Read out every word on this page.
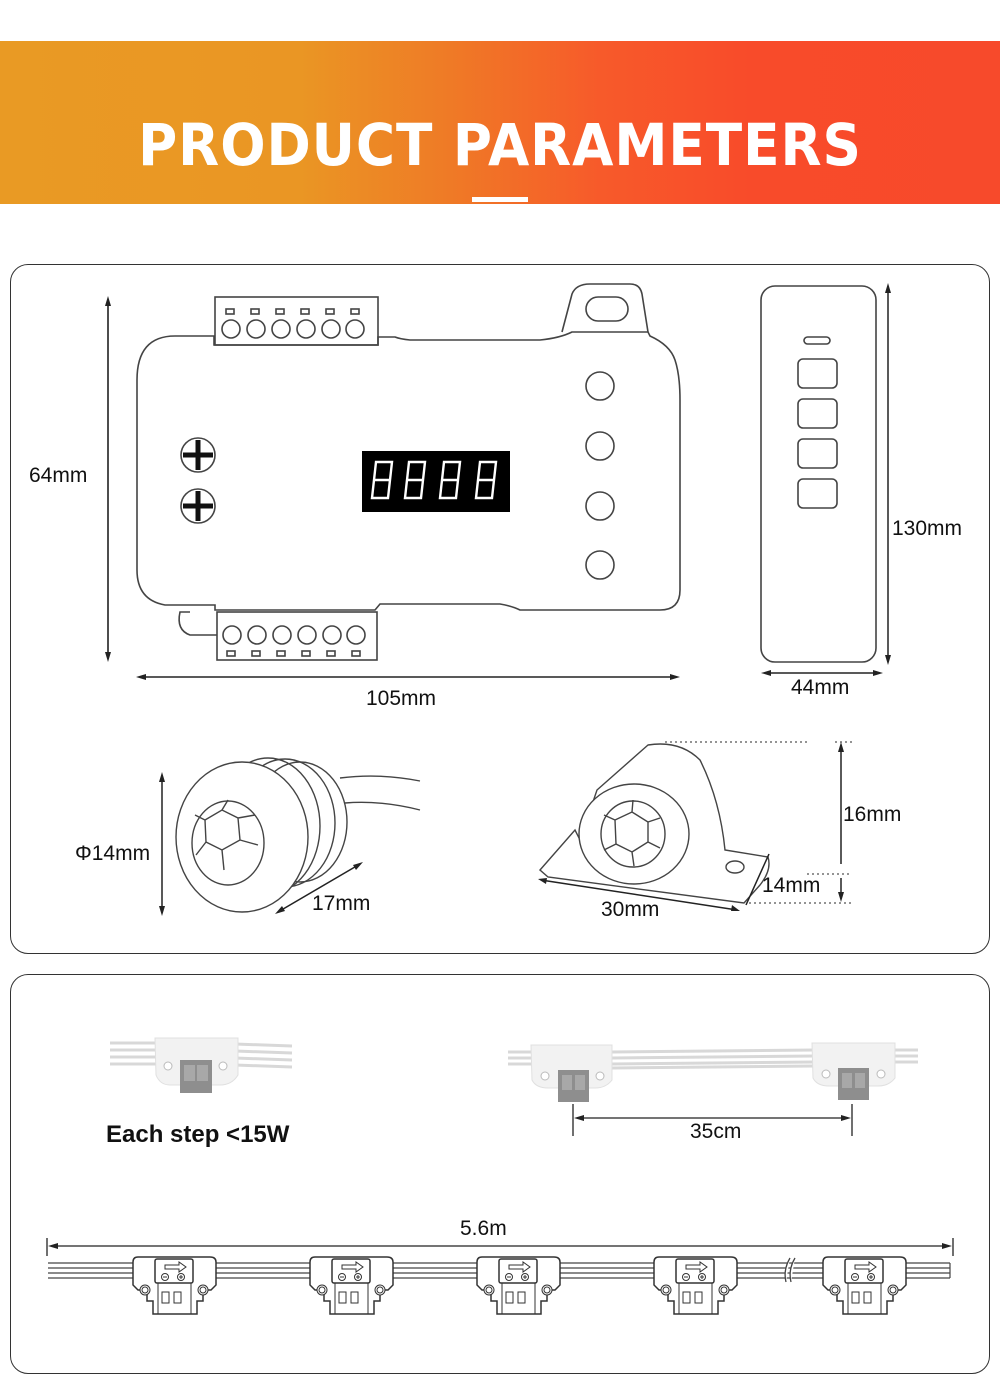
PRODUCT PARAMETERS
64mm
105mm
130mm
44mm
Φ14mm
17mm
16mm
14mm
30mm
Each step <15W	35cm
5.6m
